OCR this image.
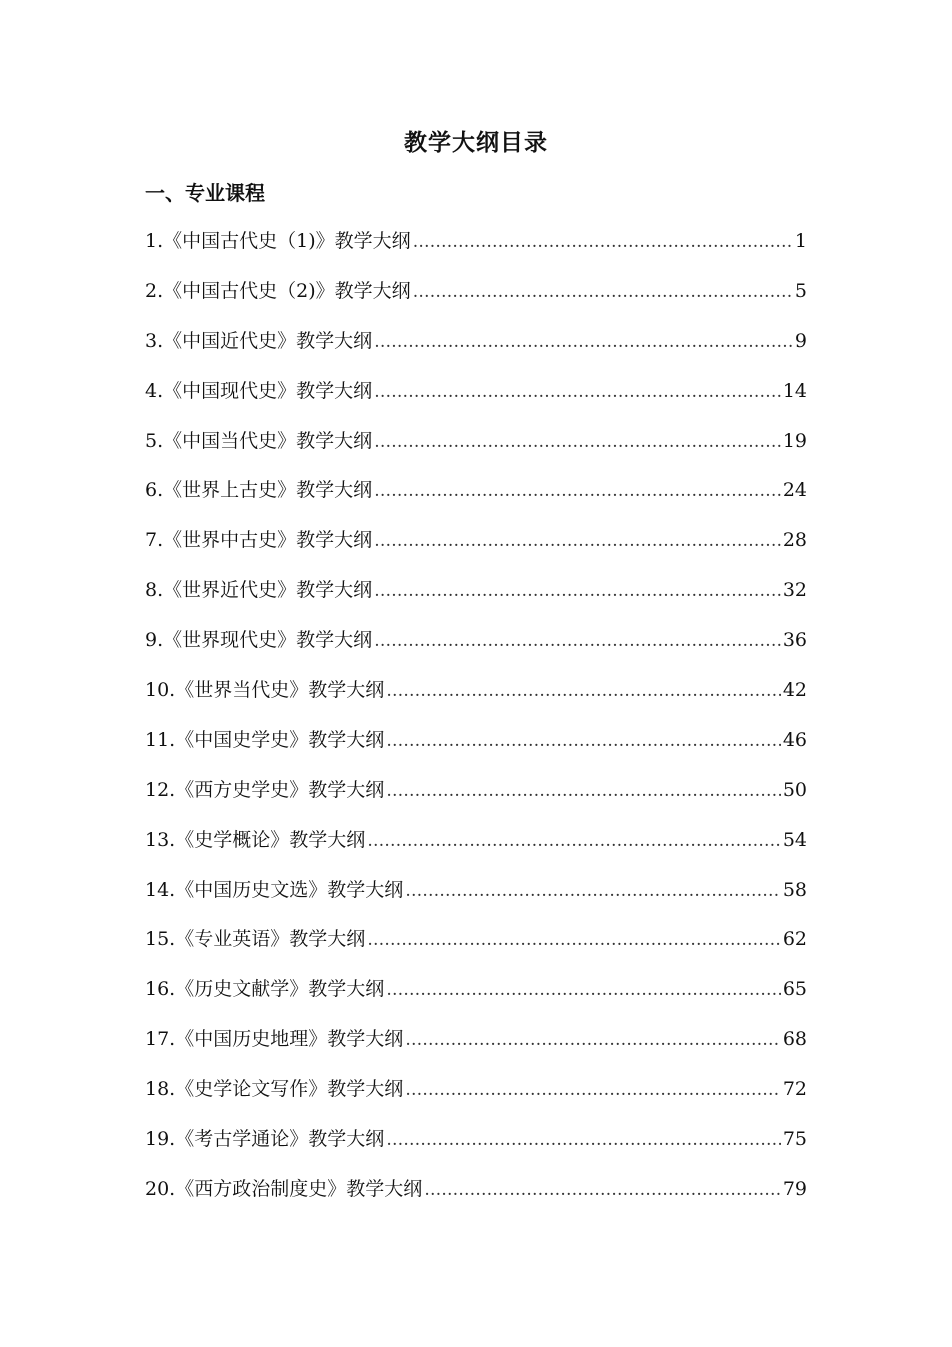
教学大纲目录
一、专业课程
1.《中国古代史（1)》教学大纲 …………………………………………………………………………………………………………………………	1
2.《中国古代史（2)》教学大纲 …………………………………………………………………………………………………………………………	5
3.《中国近代史》教学大纲 …………………………………………………………………………………………………………………………	9
4.《中国现代史》教学大纲 …………………………………………………………………………………………………………………………	14
5.《中国当代史》教学大纲 …………………………………………………………………………………………………………………………	19
6.《世界上古史》教学大纲 …………………………………………………………………………………………………………………………	24
7.《世界中古史》教学大纲 …………………………………………………………………………………………………………………………	28
8.《世界近代史》教学大纲 …………………………………………………………………………………………………………………………	32
9.《世界现代史》教学大纲 …………………………………………………………………………………………………………………………	36
10.《世界当代史》教学大纲 …………………………………………………………………………………………………………………………	42
11.《中国史学史》教学大纲 …………………………………………………………………………………………………………………………	46
12.《西方史学史》教学大纲 …………………………………………………………………………………………………………………………	50
13.《史学概论》教学大纲 …………………………………………………………………………………………………………………………	54
14.《中国历史文选》教学大纲 …………………………………………………………………………………………………………………………	58
15.《专业英语》教学大纲 …………………………………………………………………………………………………………………………	62
16.《历史文献学》教学大纲 …………………………………………………………………………………………………………………………	65
17.《中国历史地理》教学大纲 …………………………………………………………………………………………………………………………	68
18.《史学论文写作》教学大纲 …………………………………………………………………………………………………………………………	72
19.《考古学通论》教学大纲 …………………………………………………………………………………………………………………………	75
20.《西方政治制度史》教学大纲 …………………………………………………………………………………………………………………………	79
